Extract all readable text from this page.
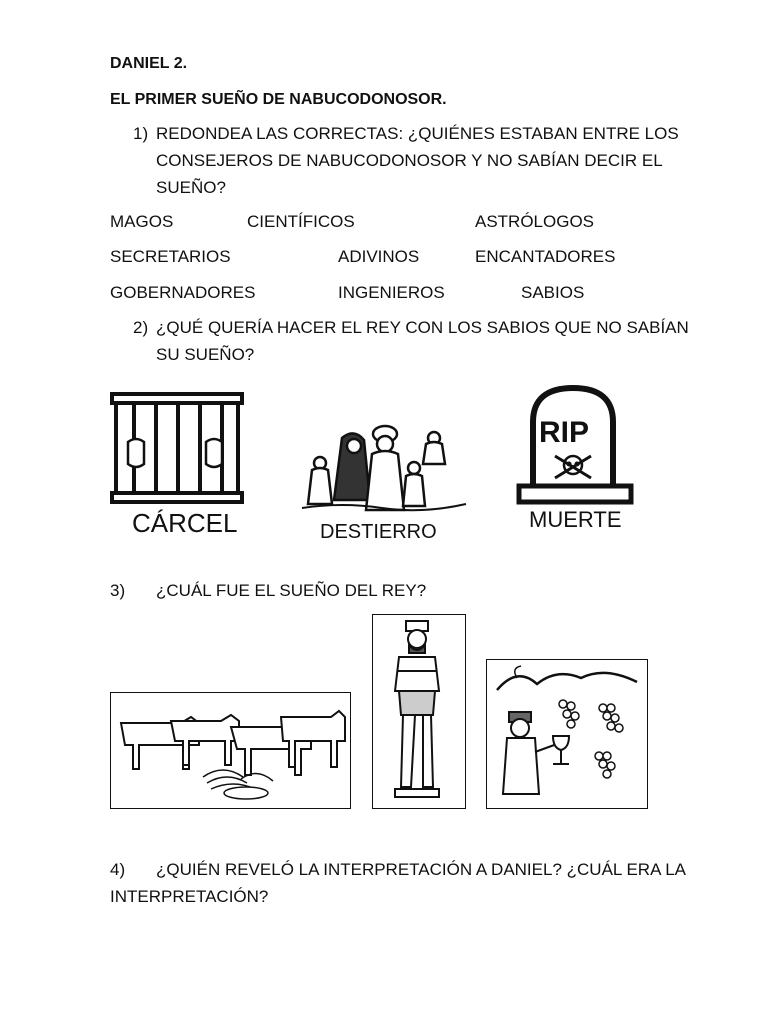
DANIEL 2.
EL PRIMER SUEÑO DE NABUCODONOSOR.
1) REDONDEA LAS CORRECTAS: ¿QUIÉNES ESTABAN ENTRE LOS
CONSEJEROS DE NABUCODONOSOR Y NO SABÍAN DECIR EL
SUEÑO?
MAGOS	CIENTÍFICOS	ASTRÓLOGOS
SECRETARIOS	ADIVINOS	ENCANTADORES
GOBERNADORES	INGENIEROS	SABIOS
2) ¿QUÉ QUERÍA HACER EL REY CON LOS SABIOS QUE NO SABÍAN
SU SUEÑO?
CÁRCEL	DESTIERRO
RIP
MUERTE
3) ¿CUÁL FUE EL SUEÑO DEL REY?
4) ¿QUIÉN REVELÓ LA INTERPRETACIÓN A DANIEL? ¿CUÁL ERA LA
INTERPRETACIÓN?
